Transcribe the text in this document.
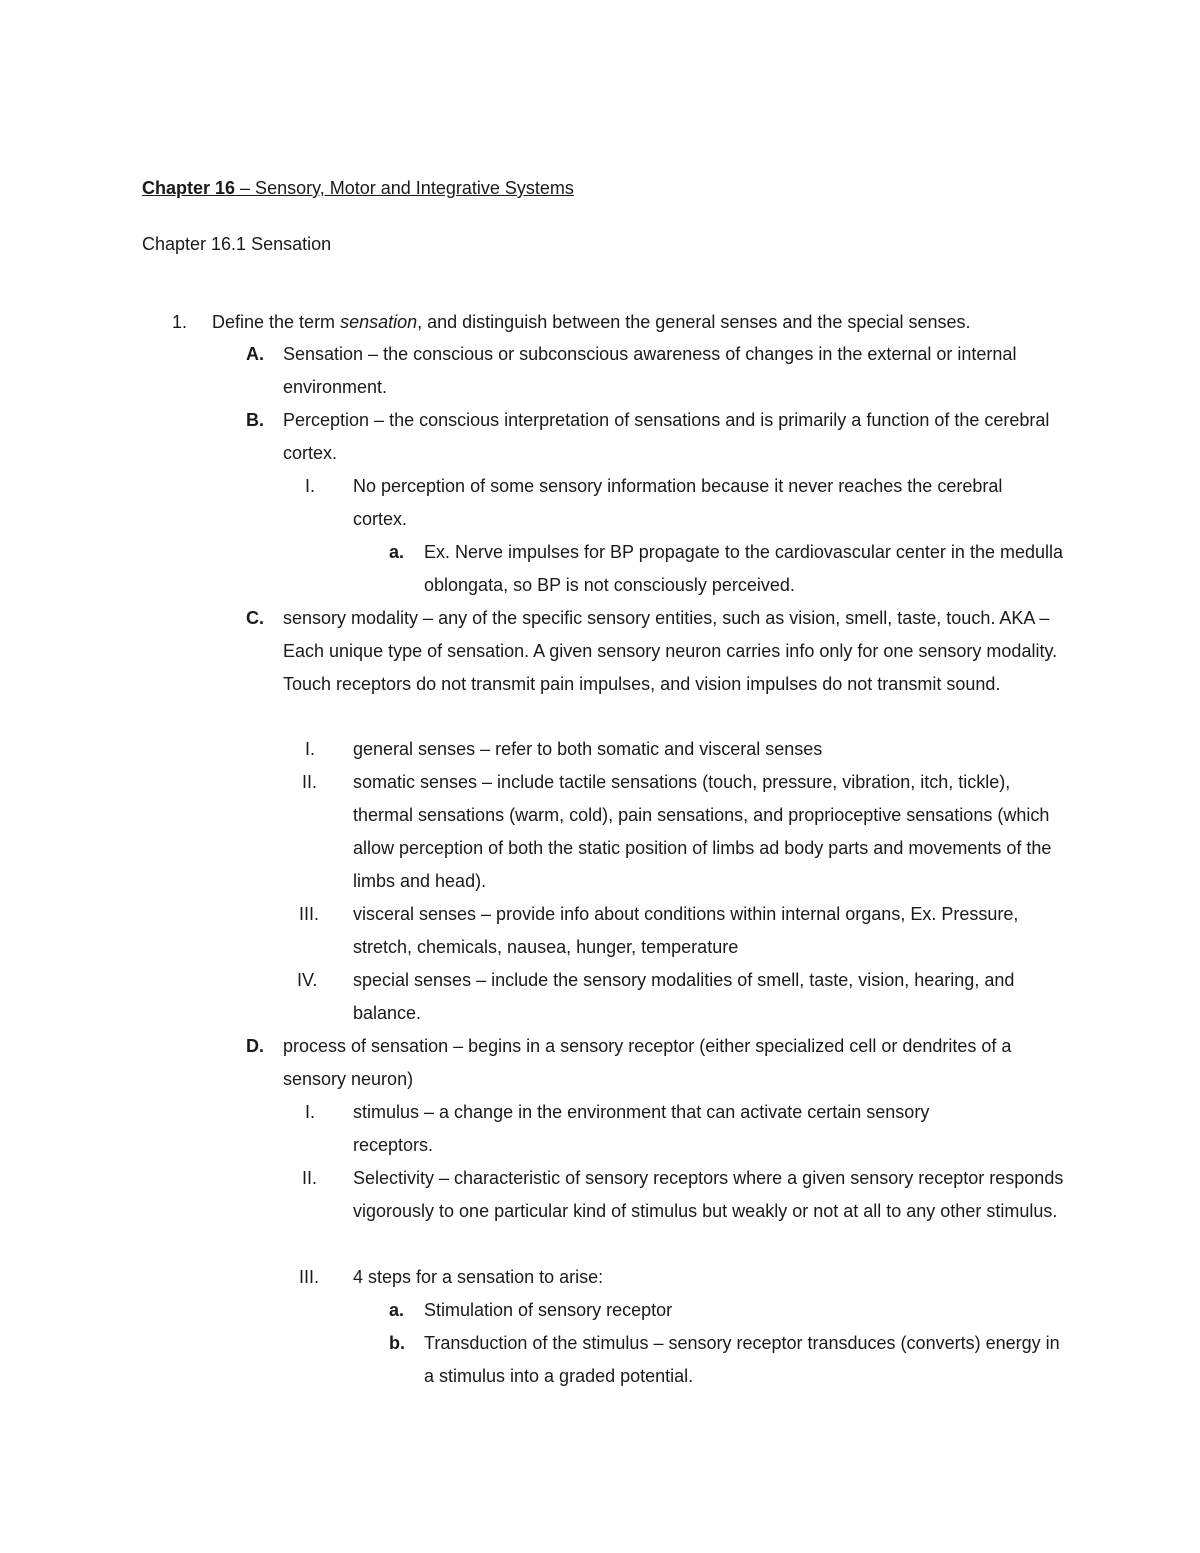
Chapter 16 – Sensory, Motor and Integrative Systems
Chapter 16.1 Sensation
1. Define the term sensation, and distinguish between the general senses and the special senses.
A. Sensation – the conscious or subconscious awareness of changes in the external or internal environment.
B. Perception – the conscious interpretation of sensations and is primarily a function of the cerebral cortex.
I. No perception of some sensory information because it never reaches the cerebral cortex.
a. Ex. Nerve impulses for BP propagate to the cardiovascular center in the medulla oblongata, so BP is not consciously perceived.
C. sensory modality – any of the specific sensory entities, such as vision, smell, taste, touch. AKA – Each unique type of sensation. A given sensory neuron carries info only for one sensory modality. Touch receptors do not transmit pain impulses, and vision impulses do not transmit sound.
I. general senses – refer to both somatic and visceral senses
II. somatic senses – include tactile sensations (touch, pressure, vibration, itch, tickle), thermal sensations (warm, cold), pain sensations, and proprioceptive sensations (which allow perception of both the static position of limbs ad body parts and movements of the limbs and head).
III. visceral senses – provide info about conditions within internal organs, Ex. Pressure, stretch, chemicals, nausea, hunger, temperature
IV. special senses – include the sensory modalities of smell, taste, vision, hearing, and balance.
D. process of sensation – begins in a sensory receptor (either specialized cell or dendrites of a sensory neuron)
I. stimulus – a change in the environment that can activate certain sensory receptors.
II. Selectivity – characteristic of sensory receptors where a given sensory receptor responds vigorously to one particular kind of stimulus but weakly or not at all to any other stimulus.
III. 4 steps for a sensation to arise:
a. Stimulation of sensory receptor
b. Transduction of the stimulus – sensory receptor transduces (converts) energy in a stimulus into a graded potential.
